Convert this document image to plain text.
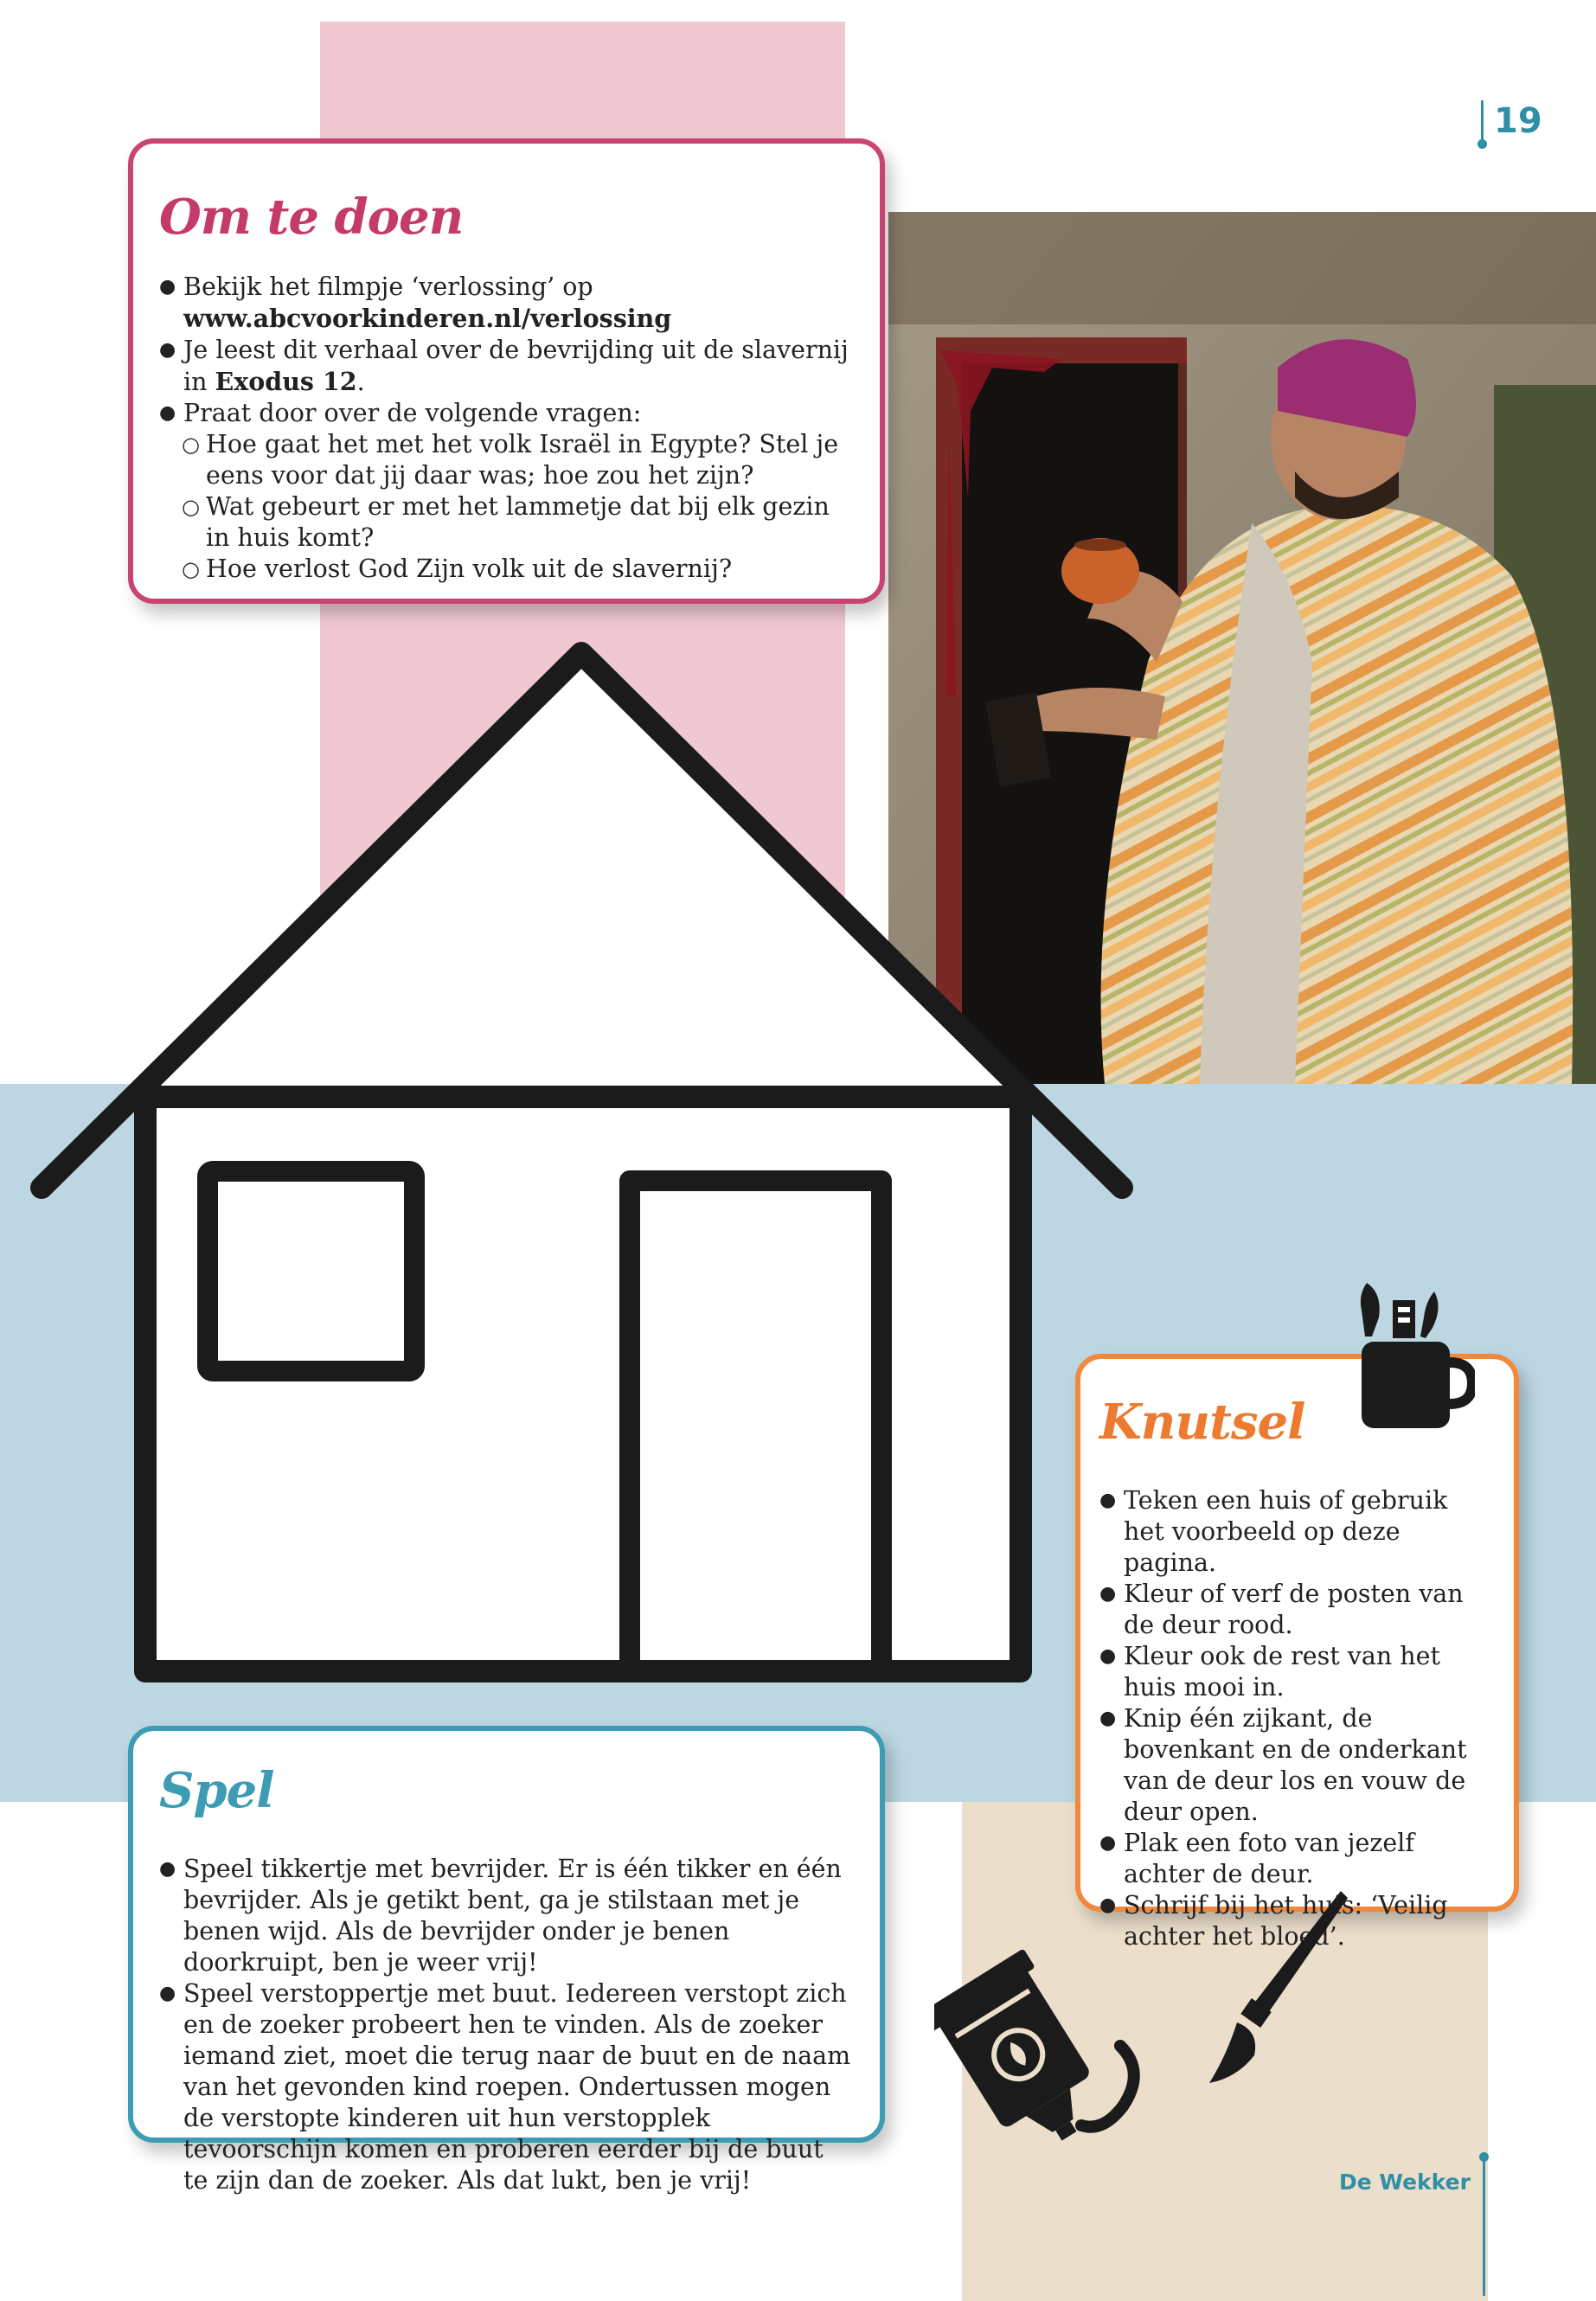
19
Om te doen
● Bekijk het filmpje ‘verlossing’ op
www.abcvoorkinderen.nl/verlossing
● Je leest dit verhaal over de bevrijding uit de slavernij in Exodus 12.
● Praat door over de volgende vragen:
○ Hoe gaat het met het volk Israël in Egypte? Stel je eens voor dat jij daar was; hoe zou het zijn?
○ Wat gebeurt er met het lammetje dat bij elk gezin in huis komt?
○ Hoe verlost God Zijn volk uit de slavernij?
Knutsel
● Teken een huis of gebruik het voorbeeld op deze pagina.
● Kleur of verf de posten van de deur rood.
● Kleur ook de rest van het huis mooi in.
● Knip één zijkant, de bovenkant en de onderkant van de deur los en vouw de deur open.
● Plak een foto van jezelf achter de deur.
● Schrijf bij het huis: ‘Veilig achter het bloed’.
Spel
● Speel tikkertje met bevrijder. Er is één tikker en één bevrijder. Als je getikt bent, ga je stilstaan met je benen wijd. Als de bevrijder onder je benen doorkruipt, ben je weer vrij!
● Speel verstoppertje met buut. Iedereen verstopt zich en de zoeker probeert hen te vinden. Als de zoeker iemand ziet, moet die terug naar de buut en de naam van het gevonden kind roepen. Ondertussen mogen de verstopte kinderen uit hun verstopplek tevoorschijn komen en proberen eerder bij de buut te zijn dan de zoeker. Als dat lukt, ben je vrij!	De Wekker
